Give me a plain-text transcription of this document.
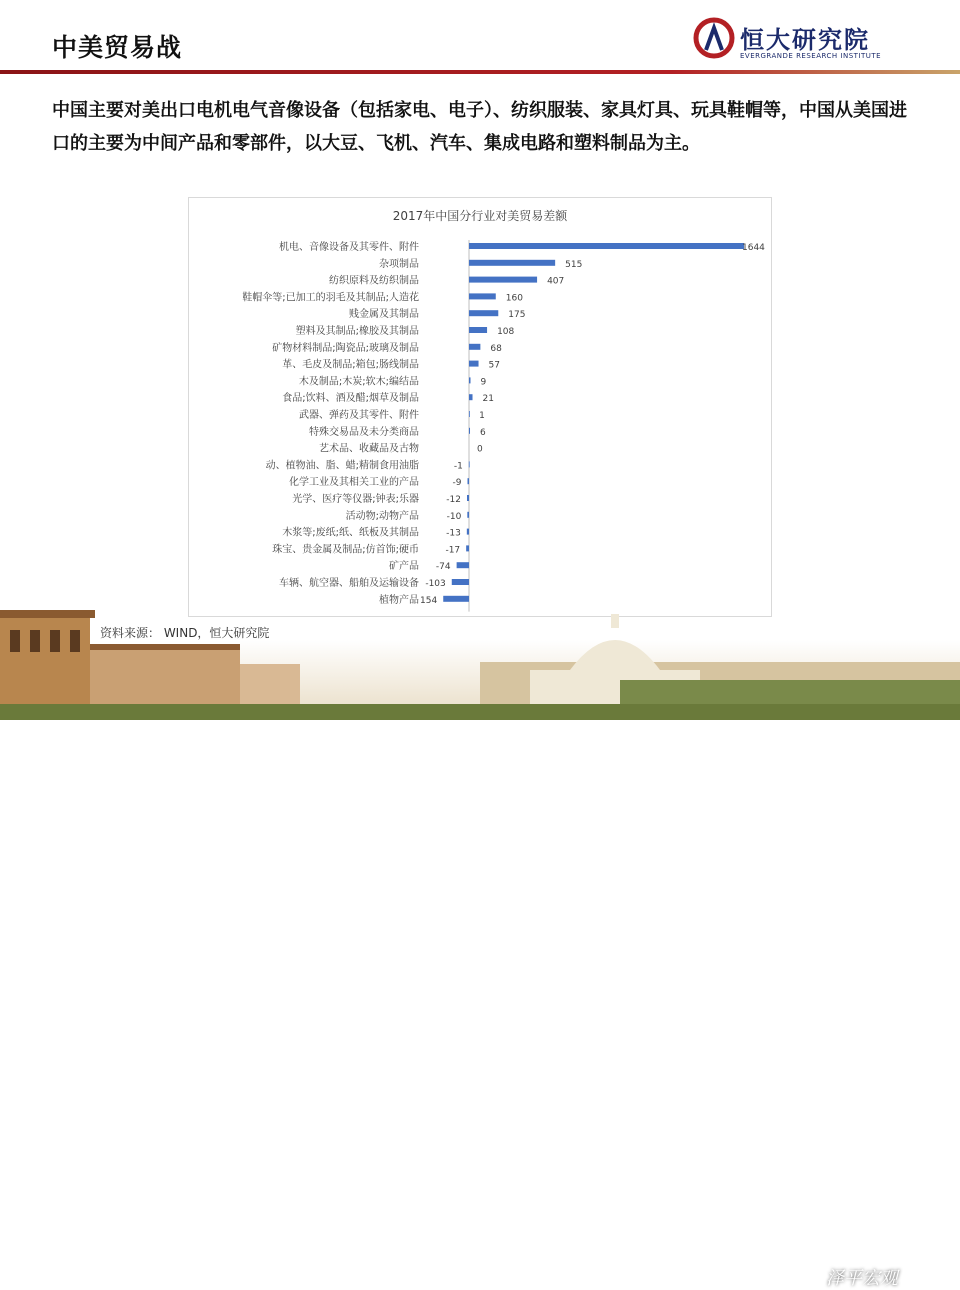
中美贸易战	恒大研究院
EVERGRANDE RESEARCH INSTITUTE
中国主要对美出口电机电气音像设备（包括家电、电子）、纺织服装、家具灯具、玩具鞋帽等，中国从美国进口的主要为中间产品和零部件，以大豆、飞机、汽车、集成电路和塑料制品为主。
2017年中国分行业对美贸易差额
机电、音像设备及其零件、附件	1644
杂项制品	515
纺织原料及纺织制品	407
鞋帽伞等;已加工的羽毛及其制品;人造花	160
贱金属及其制品	175
塑料及其制品;橡胶及其制品	108
矿物材料制品;陶瓷品;玻璃及制品	68
革、毛皮及制品;箱包;肠线制品	57
木及制品;木炭;软木;编结品	9
食品;饮料、酒及醋;烟草及制品	21
武器、弹药及其零件、附件	1
特殊交易品及未分类商品	6
艺术品、收藏品及古物	0
动、植物油、脂、蜡;精制食用油脂	-1
化学工业及其相关工业的产品	-9
光学、医疗等仪器;钟表;乐器	-12
活动物;动物产品	-10
木浆等;废纸;纸、纸板及其制品	-13
珠宝、贵金属及制品;仿首饰;硬币	-17
矿产品 -74
车辆、航空器、船舶及运输设备 -103
植物产品 154
资料来源： WIND，恒大研究院
泽平宏观
